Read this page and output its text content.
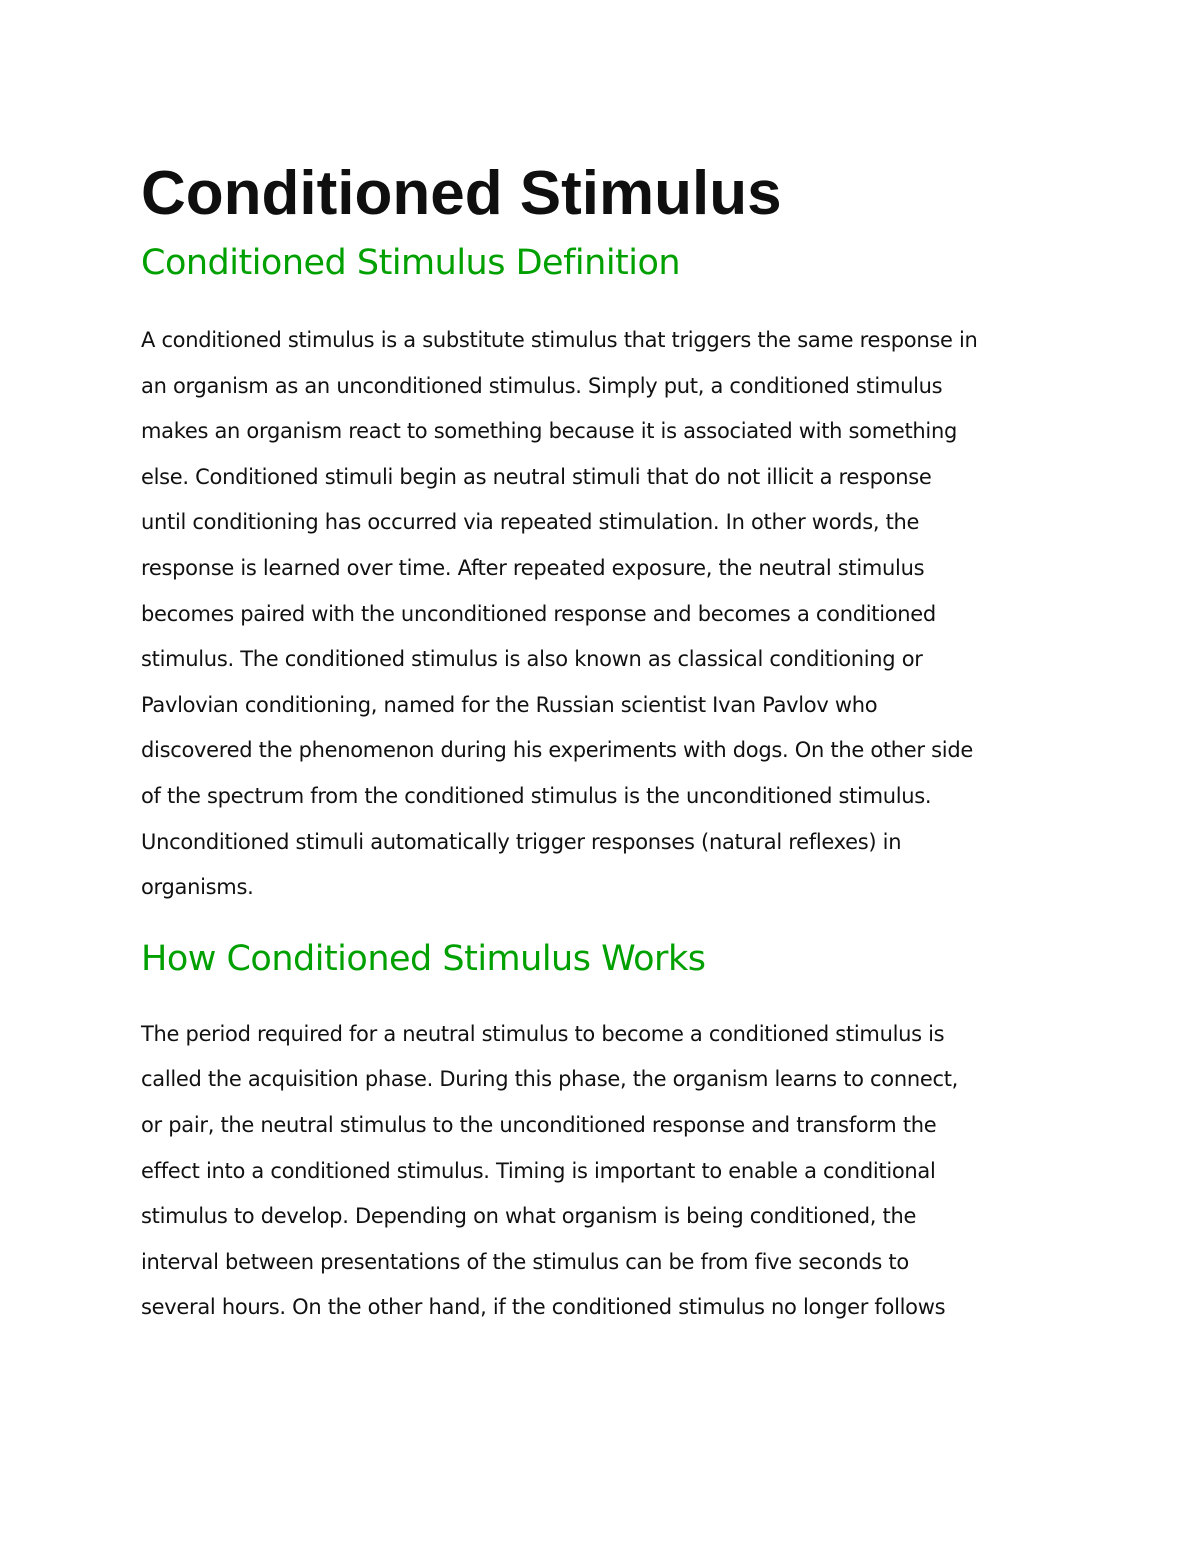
Conditioned Stimulus
Conditioned Stimulus Definition

A conditioned stimulus is a substitute stimulus that triggers the same response in
an organism as an unconditioned stimulus. Simply put, a conditioned stimulus
makes an organism react to something because it is associated with something
else. Conditioned stimuli begin as neutral stimuli that do not illicit a response
until conditioning has occurred via repeated stimulation. In other words, the
response is learned over time. After repeated exposure, the neutral stimulus
becomes paired with the unconditioned response and becomes a conditioned
stimulus. The conditioned stimulus is also known as classical conditioning or
Pavlovian conditioning, named for the Russian scientist Ivan Pavlov who
discovered the phenomenon during his experiments with dogs. On the other side
of the spectrum from the conditioned stimulus is the unconditioned stimulus.
Unconditioned stimuli automatically trigger responses (natural reflexes) in
organisms.

How Conditioned Stimulus Works

The period required for a neutral stimulus to become a conditioned stimulus is
called the acquisition phase. During this phase, the organism learns to connect,
or pair, the neutral stimulus to the unconditioned response and transform the
effect into a conditioned stimulus. Timing is important to enable a conditional
stimulus to develop. Depending on what organism is being conditioned, the
interval between presentations of the stimulus can be from five seconds to
several hours. On the other hand, if the conditioned stimulus no longer follows
